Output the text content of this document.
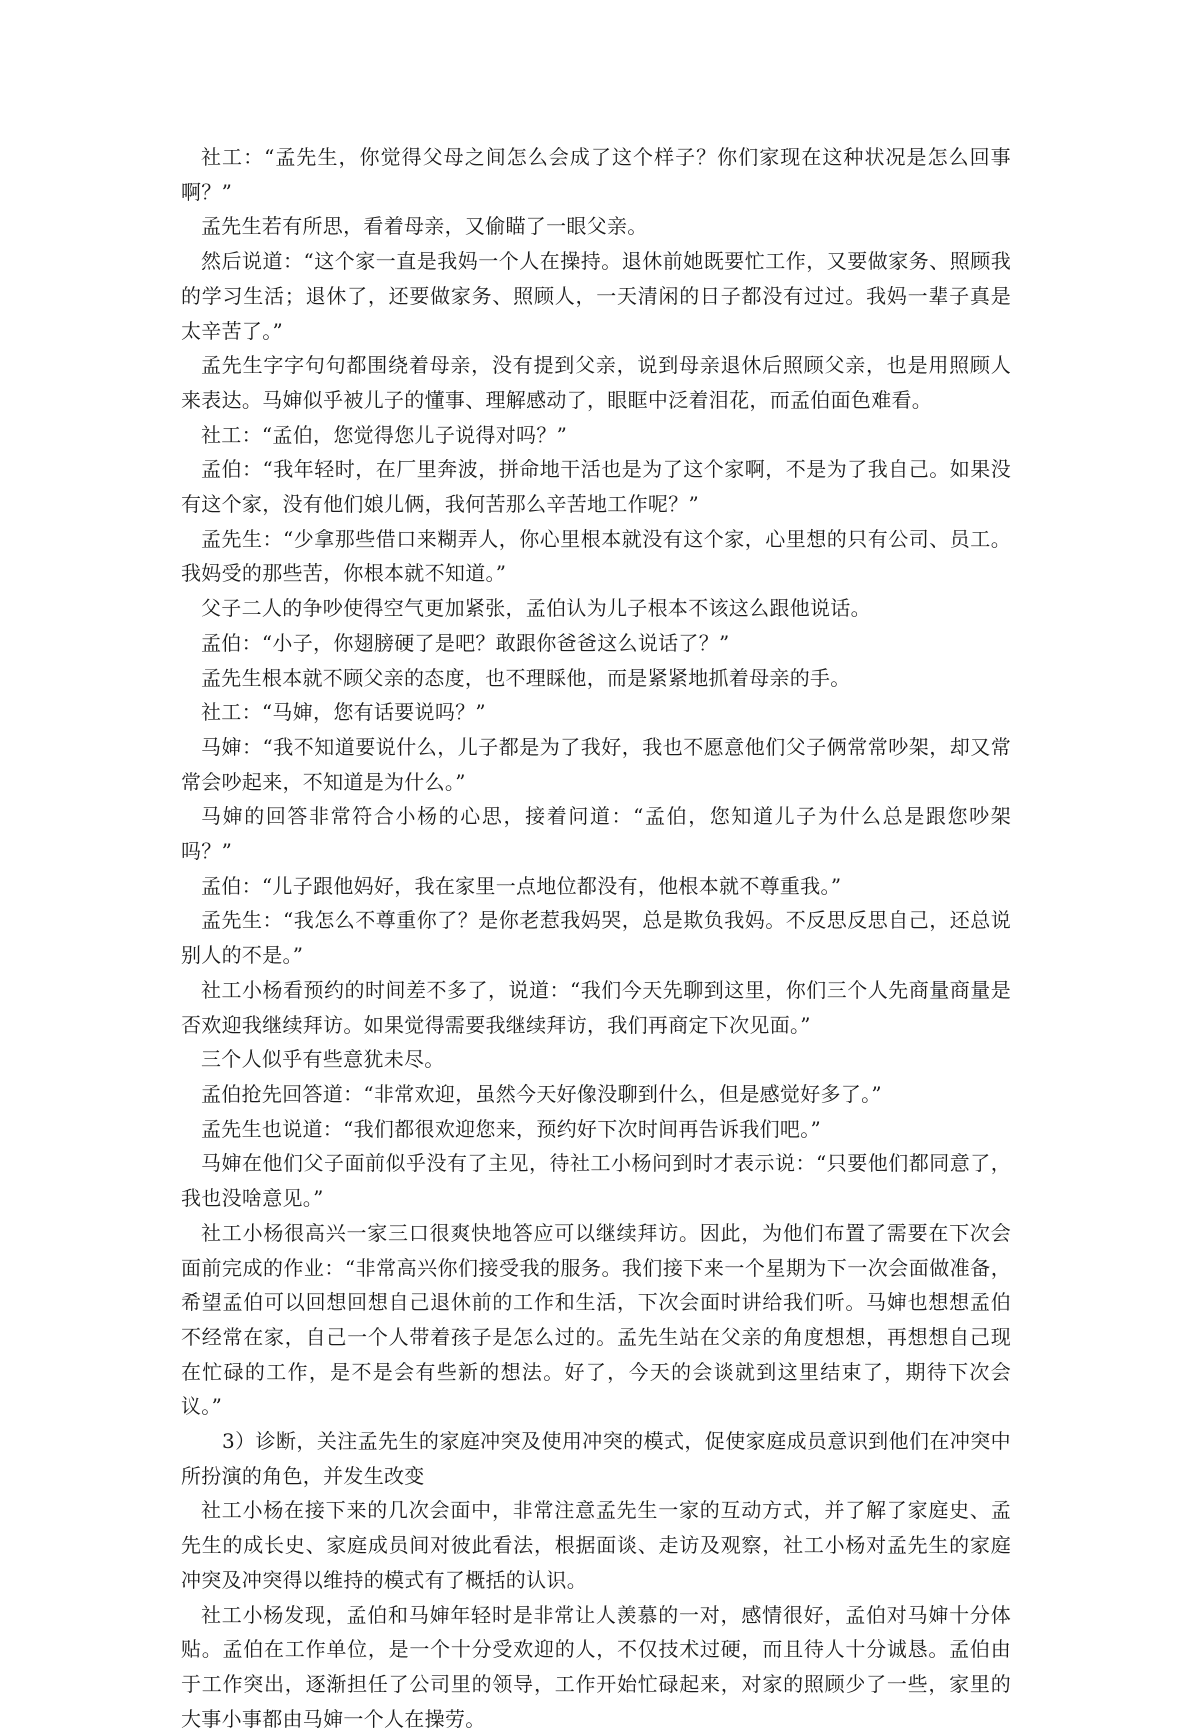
社工：“孟先生，你觉得父母之间怎么会成了这个样子？你们家现在这种状况是怎么回事啊？”

孟先生若有所思，看着母亲，又偷瞄了一眼父亲。

然后说道：“这个家一直是我妈一个人在操持。退休前她既要忙工作，又要做家务、照顾我的学习生活；退休了，还要做家务、照顾人，一天清闲的日子都没有过过。我妈一辈子真是太辛苦了。”

孟先生字字句句都围绕着母亲，没有提到父亲，说到母亲退休后照顾父亲，也是用照顾人来表达。马婶似乎被儿子的懂事、理解感动了，眼眶中泛着泪花，而孟伯面色难看。

社工：“孟伯，您觉得您儿子说得对吗？”

孟伯：“我年轻时，在厂里奔波，拼命地干活也是为了这个家啊，不是为了我自己。如果没有这个家，没有他们娘儿俩，我何苦那么辛苦地工作呢？”

孟先生：“少拿那些借口来糊弄人，你心里根本就没有这个家，心里想的只有公司、员工。我妈受的那些苦，你根本就不知道。”

父子二人的争吵使得空气更加紧张，孟伯认为儿子根本不该这么跟他说话。

孟伯：“小子，你翅膀硬了是吧？敢跟你爸爸这么说话了？”

孟先生根本就不顾父亲的态度，也不理睬他，而是紧紧地抓着母亲的手。

社工：“马婶，您有话要说吗？”

马婶：“我不知道要说什么，儿子都是为了我好，我也不愿意他们父子俩常常吵架，却又常常会吵起来，不知道是为什么。”

马婶的回答非常符合小杨的心思，接着问道：“孟伯，您知道儿子为什么总是跟您吵架吗？”

孟伯：“儿子跟他妈好，我在家里一点地位都没有，他根本就不尊重我。”

孟先生：“我怎么不尊重你了？是你老惹我妈哭，总是欺负我妈。不反思反思自己，还总说别人的不是。”

社工小杨看预约的时间差不多了，说道：“我们今天先聊到这里，你们三个人先商量商量是否欢迎我继续拜访。如果觉得需要我继续拜访，我们再商定下次见面。”

三个人似乎有些意犹未尽。

孟伯抢先回答道：“非常欢迎，虽然今天好像没聊到什么，但是感觉好多了。”

孟先生也说道：“我们都很欢迎您来，预约好下次时间再告诉我们吧。”

马婶在他们父子面前似乎没有了主见，待社工小杨问到时才表示说：“只要他们都同意了，我也没啥意见。”

社工小杨很高兴一家三口很爽快地答应可以继续拜访。因此，为他们布置了需要在下次会面前完成的作业：“非常高兴你们接受我的服务。我们接下来一个星期为下一次会面做准备，希望孟伯可以回想回想自己退休前的工作和生活，下次会面时讲给我们听。马婶也想想孟伯不经常在家，自己一个人带着孩子是怎么过的。孟先生站在父亲的角度想想，再想想自己现在忙碌的工作，是不是会有些新的想法。好了，今天的会谈就到这里结束了，期待下次会议。”

3）诊断，关注孟先生的家庭冲突及使用冲突的模式，促使家庭成员意识到他们在冲突中所扮演的角色，并发生改变

社工小杨在接下来的几次会面中，非常注意孟先生一家的互动方式，并了解了家庭史、孟先生的成长史、家庭成员间对彼此看法，根据面谈、走访及观察，社工小杨对孟先生的家庭冲突及冲突得以维持的模式有了概括的认识。

社工小杨发现，孟伯和马婶年轻时是非常让人羡慕的一对，感情很好，孟伯对马婶十分体贴。孟伯在工作单位，是一个十分受欢迎的人，不仅技术过硬，而且待人十分诚恳。孟伯由于工作突出，逐渐担任了公司里的领导，工作开始忙碌起来，对家的照顾少了一些，家里的大事小事都由马婶一个人在操劳。
